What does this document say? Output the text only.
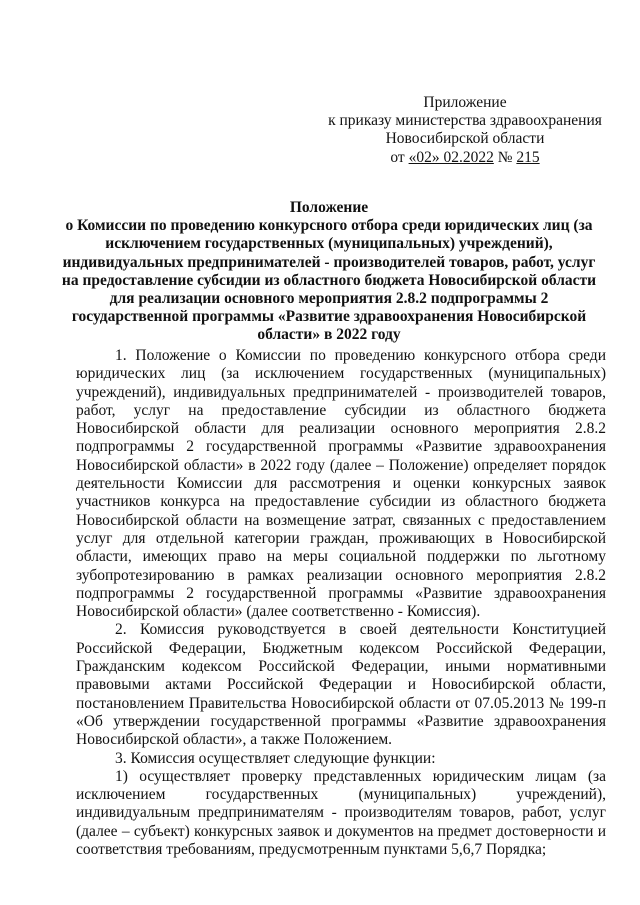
Приложение
к приказу министерства здравоохранения
Новосибирской области
от «02» 02.2022 № 215
Положение
о Комиссии по проведению конкурсного отбора среди юридических лиц (за исключением государственных (муниципальных) учреждений), индивидуальных предпринимателей - производителей товаров, работ, услуг на предоставление субсидии из областного бюджета Новосибирской области для реализации основного мероприятия 2.8.2 подпрограммы 2 государственной программы «Развитие здравоохранения Новосибирской области» в 2022 году

1. Положение о Комиссии по проведению конкурсного отбора среди юридических лиц (за исключением государственных (муниципальных) учреждений), индивидуальных предпринимателей - производителей товаров, работ, услуг на предоставление субсидии из областного бюджета Новосибирской области для реализации основного мероприятия 2.8.2 подпрограммы 2 государственной программы «Развитие здравоохранения Новосибирской области» в 2022 году (далее – Положение) определяет порядок деятельности Комиссии для рассмотрения и оценки конкурсных заявок участников конкурса на предоставление субсидии из областного бюджета Новосибирской области на возмещение затрат, связанных с предоставлением услуг для отдельной категории граждан, проживающих в Новосибирской области, имеющих право на меры социальной поддержки по льготному зубопротезированию в рамках реализации основного мероприятия 2.8.2 подпрограммы 2 государственной программы «Развитие здравоохранения Новосибирской области» (далее соответственно - Комиссия).

2. Комиссия руководствуется в своей деятельности Конституцией Российской Федерации, Бюджетным кодексом Российской Федерации, Гражданским кодексом Российской Федерации, иными нормативными правовыми актами Российской Федерации и Новосибирской области, постановлением Правительства Новосибирской области от 07.05.2013 № 199-п «Об утверждении государственной программы «Развитие здравоохранения Новосибирской области», а также Положением.

3. Комиссия осуществляет следующие функции:

1) осуществляет проверку представленных юридическим лицам (за исключением государственных (муниципальных) учреждений), индивидуальным предпринимателям - производителям товаров, работ, услуг (далее – субъект) конкурсных заявок и документов на предмет достоверности и соответствия требованиям, предусмотренным пунктами 5,6,7 Порядка;
